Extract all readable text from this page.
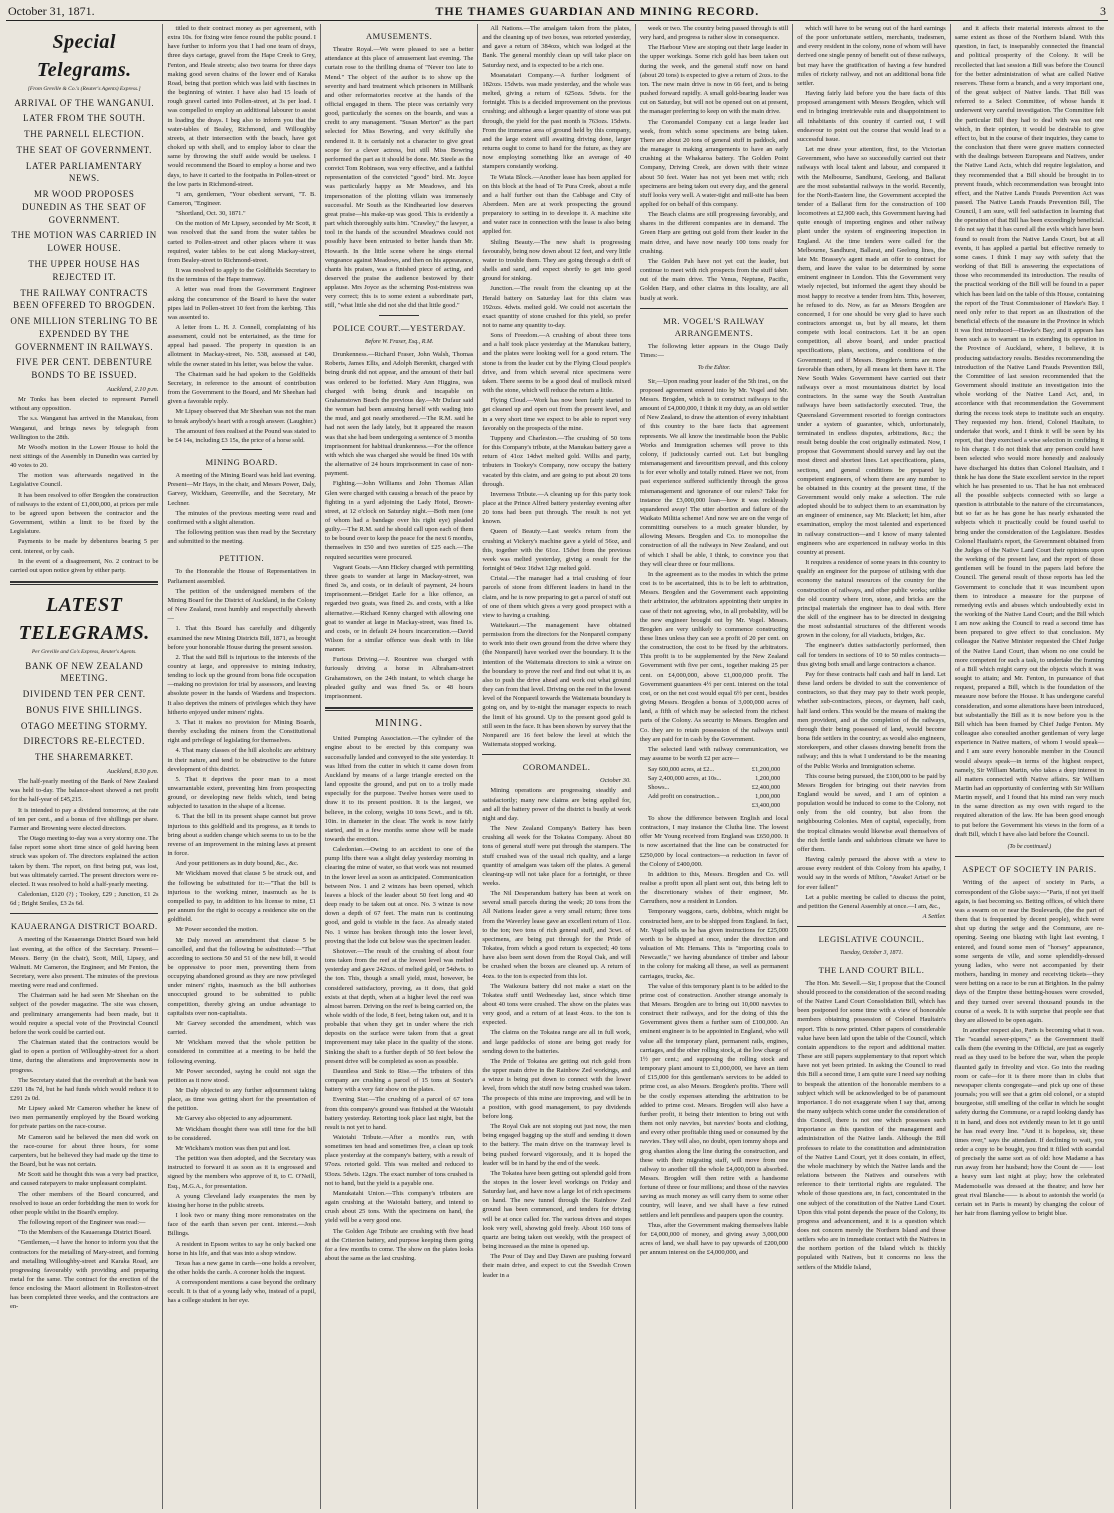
October 31, 1871.	THE THAMES GUARDIAN AND MINING RECORD.	3
Special Telegrams.
[From Greville & Co.'s (Reuter's Agents) Express.]
ARRIVAL OF THE WANGANUI.
LATER FROM THE SOUTH.
THE PARNELL ELECTION.
THE SEAT OF GOVERNMENT.
LATER PARLIAMENTARY NEWS.
MR WOOD PROPOSES DUNEDIN AS THE SEAT OF GOVERNMENT.
THE MOTION WAS CARRIED IN LOWER HOUSE.
THE UPPER HOUSE HAS REJECTED IT.
THE RAILWAY CONTRACTS BEEN OFFERED TO BROGDEN.
ONE MILLION STERLING TO BE EXPENDED BY THE GOVERNMENT IN RAILWAYS.
FIVE PER CENT. DEBENTURE BONDS TO BE ISSUED.
Auckland, 2.10 p.m.

Mr Tonks has been elected to represent Parnell without any opposition.

The s.s. Wanganui has arrived in the Manukau, from Wanganui, and brings news by telegraph from Wellington to the 28th.

Mr Wood's motion in the Lower House to hold the next sittings of the Assembly in Dunedin was carried by 40 votes to 20.

The motion was afterwards negatived in the Legislative Council.

It has been resolved to offer Brogden the construction of railways to the extent of £1,000,000, at prices per mile to be agreed upon between the contractor and the Government, within a limit to be fixed by the Legislature.

Payments to be made by debentures bearing 5 per cent. interest, or by cash.

In the event of a disagreement, No. 2 contract to be carried out upon notice given by either party.

LATEST TELEGRAMS.
Per Greville and Co's Express, Reuter's Agents.
BANK OF NEW ZEALAND MEETING.
DIVIDEND TEN PER CENT.
BONUS FIVE SHILLINGS.
OTAGO MEETING STORMY.
DIRECTORS RE-ELECTED.
THE SHAREMARKET.
Auckland, 8.30 p.m.

The half-yearly meeting of the Bank of New Zealand was held to-day. The balance-sheet showed a net profit for the half-year of £45,215.

It is intended to pay a dividend tomorrow, at the rate of ten per cent., and a bonus of five shillings per share. Farmer and Browning were elected directors.

The Otago meeting to-day was a very stormy one. The false report some short time since of gold having been struck was spoken of. The directors explained the action taken by them. The report, on first being put, was lost, but was ultimately carried. The present directors were re-elected. It was resolved to hold a half-yearly meeting.

Caledonian, £120 (?) ; Tookey, £29 ; Junction, £1 2s 6d ; Bright Smiles, £3 2s 6d.

KAUAERANGA DISTRICT BOARD.

A meeting of the Kauaeranga District Board was held last evening, at the office of the Secretary. Present—Messrs. Berry (in the chair), Scott, Mill, Lipsey, and Walnutt. Mr Cameron, the Engineer, and Mr Fenton, the Secretary, were also present. The minutes of the previous meeting were read and confirmed.

The Chairman said he had seen Mr Sheehan on the subject of the powder magazine. The site was chosen, and preliminary arrangements had been made, but it would require a special vote of the Provincial Council before the work could be carried out.

The Chairman stated that the contractors would be glad to open a portion of Willoughby-street for a short time, during the alterations and improvements now in progress.

The Secretary stated that the overdraft at the bank was £291 18s 7d, but he had funds which would reduce it to £291 2s 0d.

Mr Lipsey asked Mr Cameron whether he knew of two men permanently employed by the Board working for private parties on the race-course.

Mr Cameron said he believed the men did work on the race-course for about three hours, for some carpenters, but he believed they had made up the time to the Board, but he was not certain.

Mr Scott said he thought this was a very bad practice, and caused ratepayers to make unpleasant complaint.

The other members of the Board concurred, and resolved to issue an order forbidding the men to work for other people whilst in the Board's employ.

The following report of the Engineer was read:—

"To the Members of the Kauaeranga District Board.

"Gentlemen,—I have the honor to inform you that the contractors for the metalling of Mary-street, and forming and metalling Willoughby-street and Karaka Road, are progressing favourably with providing and preparing metal for the same. The contract for the erection of the fence enclosing the Maori allotment in Rolleston-street has been completed three weeks, and the contractors are en-

titled to their contract money as per agreement, with extra 10s. for fixing wire fence round the public pound. I have further to inform you that I had one team of drays, three days cartage, gravel from the Hape Creek to Grey, Fenton, and Heale streets; also two teams for three days making good seven chains of the lower end of Karaka Road, being that portion which was laid with fascines in the beginning of winter. I have also had 15 loads of rough gravel carted into Pollen-street, at 3s per load. I was compelled to employ an additional labourer to assist in loading the drays. I beg also to inform you that the water-tables of Bealey, Richmond, and Willoughby streets, at their intersection with the beach, have got choked up with shell, and to employ labor to clear the same by throwing the stuff aside would be useless. I would recommend the Board to employ a horse and two days, to have it carted to the footpaths in Pollen-street or the low parts in Richmond-street.

"I am, gentlemen, "Your obedient servant, "T. B. Cameron, "Engineer.

"Shortland, Oct. 30, 1871."

On the motion of Mr Lipsey, seconded by Mr Scott, it was resolved that the sand from the water tables be carted to Pollen-street and other places where it was required, water tables to be cut along Mackay-street, from Bealey-street to Richmond-street.

It was resolved to apply to the Goldfields Secretary to fix the terminus of the Hape tramway.

A letter was read from the Government Engineer asking the concurrence of the Board to have the water pipes laid in Pollen-street 10 feet from the kerbing. This was assented to.

A letter from L. H. J. Connell, complaining of his assessment, could not be entertained, as the time for appeal had passed. The property in question is an allotment in Mackay-street, No. 538, assessed at £40, while the owner stated in his letter, was below the value.

The Chairman said he had spoken to the Goldfields Secretary, in reference to the amount of contribution from the Government to the Board, and Mr Sheehan had given a favorable reply.

Mr Lipsey observed that Mr Sheehan was not the man to break anybody's heart with a rough answer. (Laughter.)

The amount of fees realised at the Pound was stated to be £4 14s, including £3 15s, the price of a horse sold.

MINING BOARD.

A meeting of the Mining Board was held last evening. Present—Mr Hays, in the chair, and Messrs Power, Daly, Garvey, Wickham, Greenville, and the Secretary, Mr Lechner.

The minutes of the previous meeting were read and confirmed with a slight alteration.

The following petition was then read by the Secretary and submitted to the meeting.

PETITION.

To the Honorable the House of Representatives in Parliament assembled.

The petition of the undersigned members of the Mining Board for the District of Auckland, in the Colony of New Zealand, most humbly and respectfully sheweth—

1. That this Board has carefully and diligently examined the new Mining Districts Bill, 1871, as brought before your honorable House during the present session.

2. That the said Bill is injurious to the interests of the country at large, and oppressive to mining industry, tending to lock up the ground from bona fide occupation—making no provision for trial by assessors, and leaving absolute power in the hands of Wardens and Inspectors. It also deprives the miners of privileges which they have hitherto enjoyed under miners' rights.

3. That it makes no provision for Mining Boards, thereby excluding the miners from the Constitutional right and privilege of legislating for themselves.

4. That many classes of the hill alcoholic are arbitrary in their nature, and tend to be obstructive to the future development of this district.

5. That it deprives the poor man to a most unwarrantable extent, preventing him from prospecting ground, or developing new fields which, tend being subjected to taxation in the shape of a license.

6. That the bill in its present shape cannot but prove injurious to this goldfield and its progress, as it tends to bring about a sudden change which seems to us to be the reverse of an improvement in the mining laws at present in force.

And your petitioners as in duty bound, &c., &c.

Mr Wickham moved that clause 5 be struck out, and the following be substituted for it:—"That the bill is injurious to the working miner, inasmuch as he is compelled to pay, in addition to his license to mine, £1 per annum for the right to occupy a residence site on the goldfield.

Mr Power seconded the motion.

Mr Daly moved an amendment that clause 5 be cancelled, and that the following be substituted:—"That according to sections 50 and 51 of the new bill, it would be oppressive to poor men, preventing them from occupying abandoned ground as they are now privileged under miners' rights, inasmuch as the bill authorises unoccupied ground to be submitted to public competition, thereby giving an undue advantage to capitalists over non-capitalists.

Mr Garvey seconded the amendment, which was carried.

Mr Wickham moved that the whole petition be considered in committee at a meeting to be held the following evening.

Mr Power seconded, saying he could not sign the petition as it now stood.

Mr Daly objected to any further adjournment taking place, as time was getting short for the presentation of the petition.

Mr Garvey also objected to any adjournment.

Mr Wickham thought there was still time for the bill to be considered.

Mr Wickham's motion was then put and lost.

The petition was then adopted, and the Secretary was instructed to forward it as soon as it is engrossed and signed by the members who approve of it, to C. O'Neill, Esq., M.G.A., for presentation.

A young Cleveland lady exasperates the men by kissing her horse in the public streets.

I look two or many thing more remonstrates on the face of the earth than seven per cent. interest.—Josh Billings.

A resident in Epsom writes to say he only backed one horse in his life, and that was into a shop window.

Texas has a new game in cards—one holds a revolver, the other holds the cards. A coroner holds the inquest.

A correspondent mentions a case beyond the ordinary occult. It is that of a young lady who, instead of a pupil, has a college student in her eye.

AMUSEMENTS.

Theatre Royal.—We were pleased to see a better attendance at this place of amusement last evening. The curtain rose to the thrilling drama of "Never too late to Mend." The object of the author is to show up the severity and hard treatment which prisoners in Millbank and other reformatories receive at the hands of the official engaged in them. The piece was certainly very good, particularly the scenes on the boards, and was a credit to any management. "Susan Merton" as the part selected for Miss Bowring, and very skilfully she rendered it. It is certainly not a character to give great scope for a clever actress, but still Miss Bowring performed the part as it should be done. Mr. Steele as the convict Tom Robinson, was very effective, and a faithful representation of the convicted "good" bird. Mr. Joyce was particularly happy as Mr Meadows, and his impersonation of the plotting villain was immensely successful. Mr South as the Kindhearted low deserves great praise—his make-up was good. This is evidently a part which thoroughly suits him. "Crawley," the lawyer, a tool in the hands of the scoundrel Meadows could not possibly have been entrusted to better hands than Mr. Howarth. In the little scene where he sings eternal vengeance against Meadows, and then on his appearance, chants his praises, was a finished piece of acting, and deserved the praise the audience bestowed by their applause. Mrs Joyce as the scheming Post-mistress was very correct; this is to some extent a subordinate part, still, "what little she did not she did that little good."

POLICE COURT.—YESTERDAY.
Before W. Fraser, Esq., R.M.

Drunkenness.—Richard Fraser, John Walsh, Thomas Roberts, James Ellis, and Adolph Berenkit, charged with being drunk did not appear, and the amount of their bail was ordered to be forfeited. Mary Ann Higgins, was charged with being drunk and incapable on Grahamstown Beach the previous day.—Mr Dufaur said the woman had been amusing herself with wading into the mud, and got nearly smothered.—The R.M. said he had not seen the lady lately, but it appeared the reason was that she had been undergoing a sentence of 3 months imprisonment for habitual drunkenness.—For the offence with which she was charged she would be fined 10s with the alternative of 24 hours imprisonment in case of non-payment.

Fighting.—John Williams and John Thomas Allan Glen were charged with causing a breach of the peace by fighting in a yard adjoining the Lady Hotel, Brown-street, at 12 o'clock on Saturday night.—Both men (one of whom had a bandage over his right eye) pleaded guilty.—The R.M. said he should call upon each of them to be bound over to keep the peace for the next 6 months, themselves in £50 and two sureties of £25 each.—The required securities were procured.

Vagrant Goats.—Ann Hickey charged with permitting three goats to wander at large in Mackay-street, was fined 3s, and costs, or in default of payment, 24 hours imprisonment.—Bridget Earle for a like offence, as regarded two goats, was fined 2s. and costs, with a like alternative.—Richard Kenny charged with allowing one goat to wander at large in Mackay-street, was fined 1s. and costs, or in default 24 hours incarceration.—David Wilson for a similar offence was dealt with in like manner.

Furious Driving.—J. Rountree was charged with furiously driving a horse in Albraham-street Grahamstown, on the 24th instant, to which charge he pleaded guilty and was fined 5s. or 48 hours imprisonment.

MINING.

United Pumping Association.—The cylinder of the engine about to be erected by this company was successfully landed and conveyed to the site yesterday. It was lifted from the cutter in which it came down from Auckland by means of a large triangle erected on the land opposite the ground, and put on to a trolly made especially for the purpose. Twelve horses were used to draw it to its present position. It is the largest, we believe, in the colony, weighs 10 tons 5cwt., and is 6ft. 10in. in diameter in the clear. The work is now fairly started, and in a few months some show will be made towards the erection.

Caledonian.—Owing to an accident to one of the pump lifts there was a slight delay yesterday morning in clearing the mine of water, so that work was not resumed in the lower level as soon as anticipated. Communication between Nos. 1 and 2 winzes has been opened, which leaves a block of the leader about 50 feet long and 40 deep ready to be taken out at once. No. 3 winze is now down a depth of 67 feet. The main run is continuing good, and gold is visible in the face. As already stated No. 1 winze has broken through into the lower level, proving that the lode cut below was the specimen leader.

Shotover.—The result of the crushing of about four tons taken from the reef at the lowest level was melted yesterday and gave 242ozs. of melted gold, or 54dwts. to the ton. This, though a small yield, must, however, be considered satisfactory, proving, as it does, that gold exists at that depth, when at a higher level the reef was almost barren. Driving on the reef is being carried on, the whole width of the lode, 8 feet, being taken out, and it is probable that when they get in under where the rich deposits on the surface were taken from that a great improvement may take place in the quality of the stone. Sinking the shaft to a further depth of 50 feet below the present drive will be completed as soon as possible.

Dauntless and Sink to Rise.—The tributers of this company are crushing a parcel of 15 tons at Souter's battery with a very fair show on the plates.

Evening Star.—The crushing of a parcel of 67 tons from this company's ground was finished at the Waiotahi battery yesterday. Retorting took place last night, but the result is not yet to hand.

Waiotahi Tribute.—After a month's run, with sometimes ten head and sometimes five, a clean up took place yesterday at the company's battery, with a result of 97ozs. retorted gold. This was melted and reduced to 93ozs. 5dwts. 12grs. The exact number of tons crushed is not to hand, but the yield is a payable one.

Manukatahi Union.—This company's tributers are again crushing at the Waiotahi battery, and intend to crush about 25 tons. With the specimens on hand, the yield will be a very good one.

The Golden Age Tribute are crushing with five head at the Criterion battery, and purpose keeping them going for a few months to come. The show on the plates looks about the same as the last crushing.

All Nations.—The amalgam taken from the plates, and the cleaning up of two boxes, was retorted yesterday, and gave a return of 384ozs, which was lodged at the Bank. The general monthly clean up will take place on Saturday next, and is expected to be a rich one.

Moanataiari Company.—A further lodgment of 182ozs. 15dwts. was made yesterday, and the whole was melted, giving a return of 625ozs. 5dwts. for the fortnight. This is a decided improvement on the previous crushing; and although a larger quantity of stone was put through, the yield for the past month is 763ozs. 15dwts. From the immense area of ground held by this company, and the large extent still awaiting driving done, larger returns ought to come to hand for the future, as they are now employing something like an average of 40 stampers constantly working.

Te Wiata Block.—Another lease has been applied for on this block at the head of Te Pura Creek, about a mile and a half further out than the Cabbage and City of Aberdeen. Men are at work prospecting the ground preparatory to setting in to develope it. A machine site and water race in connection with the lease is also being applied for.

Shiling Beauty.—The new shaft is progressing favourably, being now down about 12 feet, and very little water to trouble them. They are going through a drift of shells and sand, and expect shortly to get into good ground for sinking.

Junction.—The result from the cleaning up at the Herald battery on Saturday last for this claim was 192ozs. 4dwts. melted gold. We could not ascertain the exact quantity of stone crushed for this yield, so prefer not to name any quantity to-day.

Sons of Freedom.—A crushing of about three tons and a half took place yesterday at the Manukau battery, and the plates were looking well for a good return. The stone is from the leader cut by the Flying Cloud people's drive, and from which several nice specimens were taken. There seems to be a good deal of mullock mixed with the stone, which will reduce the return a little.

Flying Cloud.—Work has now been fairly started to get cleaned up and open out from the present level, and in a very short time we expect to be able to report very favorably on the prospects of the mine.

Tuppeny and Charleston.—The crushing of 50 tons for this Company's tribute, at the Manukau battery gave a return of 41oz 14dwt melted gold. Willis and party, tributers in Tookey's Company, now occupy the battery vacated by this claim, and are going to put about 20 tons through.

Inverness Tribute.—A cleaning up for this party took place at the Prince Alfred battery yesterday evening after 20 tons had been put through. The result is not yet known.

Queen of Beauty.—Last week's return from the crushing at Vickery's machine gave a yield of 56oz, and this, together with the 61oz. 15dwt from the previous week was melted yesterday, giving a result for the fortnight of 94oz 16dwt 12gr melted gold.

Cristal.—The manager had a trial crushing of four parcels of stone from different leaders in hand in the claim, and he is now preparing to get a parcel of stuff out of one of them which gives a very good prospect with a view to having a crushing.

Waitekauri.—The management have obtained permission from the directors for the Nonpareil company to work into their own ground from the drive where they (the Nonpareil) have worked over the boundary. It is the intention of the Waitemata directors to sink a winze on the boundary to prove the reef and find out what it is, as also to push the drive ahead and work out what ground they can from that level. Driving on the reef in the lowest level of the Nonpareil towards the Waitemata boundary is going on, and by to-night the manager expects to reach the limit of his ground. Up to the present good gold is still seen in the face. It has been shown by survey that the Nonpareil are 16 feet below the level at which the Waitemata stopped working.

COROMANDEL.
October 30.

Mining operations are progressing steadily and satisfactorily; many new claims are being applied for, and all the battery power of the district is busily at work night and day.

The New Zealand Company's Battery has been crushing all week for the Tokatea Company. About 80 tons of general stuff were put through the stampers. The stuff crushed was of the usual rich quality, and a large quantity of amalgam was taken off the plates. A general cleaning-up will not take place for a fortnight, or three weeks.

The Nil Desperandum battery has been at work on several small parcels during the week; 20 tons from the All Nations leader gave a very small return; three tons from the Waverley lease gave an excellent return of 11oz. to the ton; two tons of rich general stuff, and 3cwt. of specimens, are being put through for the Pride of Tokatea, from which a good return is expected; 40 tons have also been sent down from the Royal Oak, and will be crushed when the boxes are cleaned up. A return of 4ozs. to the ton is expected from this lot.

The Waikoura battery did not make a start on the Tokatea stuff until Wednesday last, since which time about 40 tons were crushed. The show on the plates was very good, and a return of at least 4ozs. to the ton is expected.

The claims on the Tokatea range are all in full work, and large paddocks of stone are being got ready for sending down to the batteries.

The Pride of Tokatea are getting out rich gold from the upper main drive in the Rainbow Zed workings, and a winze is being put down to connect with the lower level, from which the stuff now being crushed was taken. The prospects of this mine are improving, and will be in a position, with good management, to pay dividends before long.

The Royal Oak are not stoping out just now, the men being engaged bagging up the stuff and sending it down to the battery. The main drive on the tramway level is being pushed forward vigorously, and it is hoped the leader will be in hand by the end of the week.

The Tokatea have been getting out splendid gold from the stopes in the lower level workings on Friday and Saturday last, and have now a large lot of rich specimens on hand. The new tunnel through the Rainbow Zed ground has been commenced, and tenders for driving will be at once called for. The various drives and stopes look very well, showing gold freely. About 160 tons of quartz are being taken out weekly, with the prospect of being increased as the mine is opened up.

The Pour of Day and Day Dawn are pushing forward their main drive, and expect to cut the Swedish Crown leader in a

week or two. The country being passed through is still very hard, and progress is rather slow in consequence.

The Harbour View are stoping out their large leader in the upper workings. Some rich gold has been taken out during the week, and the general stuff now on hand (about 20 tons) is expected to give a return of 2ozs. to the ton. The new main drive is now in 66 feet, and is being pushed forward rapidly. A small gold-bearing leader was cut on Saturday, but will not be opened out on at present, the manager preferring to keep on with the main drive.

The Coromandel Company cut a large leader last week, from which some specimens are being taken. There are about 20 tons of general stuff in paddock, and the manager is making arrangements to have an early crushing at the Whakaroa battery. The Golden Point Company, Driving Creek, are down with their winze about 50 feet. Water has not yet been met with; rich specimens are being taken out every day, and the general stuff looks very well. A water-tight and mill-site has been applied for on behalf of this company.

The Beach claims are still progressing favorably, and shares in the different companies are in demand. The Green Harp are getting out gold from their leader in the main drive, and have now nearly 100 tons ready for crushing.

The Golden Pah have not yet cut the leader, but continue to meet with rich prospects from the stuff taken out of the main drive. The Venus, Neptune, Pacific, Golden Harp, and other claims in this locality, are all busily at work.

MR. VOGEL'S RAILWAY ARRANGEMENTS.

The following letter appears in the Otago Daily Times:—

To the Editor.

Sir,—Upon reading your leader of the 5th inst., on the proposed agreement entered into by Mr. Vogel and Mr. Messrs. Brogden, which is to construct railways to the amount of £4,000,000, I think it my duty, as an old settler of New Zealand, to draw the attention of every inhabitant of this country to the bare facts that agreement represents. We all know the inestimable boon the Public Works and Immigration schemes will prove to this colony, if judiciously carried out. Let but bungling mismanagement and favouritism prevail, and this colony is for ever wholly and totally ruined. Have we not, from past experience suffered sufficiently through the gross mismanagement and ignorance of our rulers? Take for instance the £3,000,000 loan—how it was recklessly squandered away! The utter abortion and failure of the Waikato Militia scheme! And now we are on the verge of committing ourselves to a much greater blunder, by allowing Messrs. Brogden and Co. to monopolise the construction of all the railways in New Zealand, and out of which I shall be able, I think, to convince you that they will clear three or four millions.

In the agreement as to the modes in which the prime cost is to be ascertained, this is to be left to arbitration, Messrs. Brogden and the Government each appointing their arbitrator, the arbitrators appointing their umpire in case of their not agreeing, who, in all probability, will be the new engineer brought out by Mr. Vogel. Messrs. Brogden are very unlikely to commence constructing these lines unless they can see a profit of 20 per cent. on the construction, the cost to be fixed by the arbitrators. This profit is to be supplemented by the New Zealand Government with five per cent., together making 25 per cent. on £4,000,000, above £1,000,000 profit. The Government guarantees 4½ per cent. interest on the total cost, or on the net cost would equal 6½ per cent., besides giving Messrs. Brogden a bonus of 3,000,000 acres of land, a fifth of which may be selected from the richest parts of the Colony. As security to Messrs. Brogden and Co. they are to retain possession of the railways until they are paid for in cash by the Government.

The selected land with railway communication, we may assume to be worth £2 per acre—

Say 600,000 acres, at £2...	£1,200,000
Say 2,400,000 acres, at 10s...	1,200,000
Shows...	£2,400,000
Add profit on construction...	1,000,000
£3,400,000

To show the difference between English and local contractors, I may instance the Clutha line. The lowest offer Mr Young received from England was £650,000. It is now ascertained that the line can be constructed for £250,000 by local contractors—a reduction in favor of the Colony of £400,000.

In addition to this, Messrs. Brogden and Co. will realise a profit upon all plant sent out, this being left to the discretionary wishes of their engineer, Mr. Carruthers, now a resident in London.

Temporary waggons, carts, dobbins, which might be constructed here, are to be shipped from England. In fact, Mr. Vogel tells us he has given instructions for £25,000 worth to be shipped at once, under the direction and valuation of Mr. Hemans. This is "importing coals to Newcastle," we having abundance of timber and labour in the colony for making all these, as well as permanent carriages, trucks, &c.

The value of this temporary plant is to be added to the prime cost of construction. Another strange anomaly is that Messrs. Brogden are to bring out 10,000 navvies to construct their railways, and for the doing of this the Government gives them a further sum of £100,000. An eminent engineer is to be appointed in England, who will value all the temporary plant, permanent rails, engines, carriages, and the other rolling stock, at the low charge of 1½ per cent.; and supposing the rolling stock and temporary plant amount to £1,000,000, we have an item of £15,000 for this gentleman's services to be added to prime cost, as also Messrs. Brogden's profits. There will be the costly expenses attending the arbitration to be added to prime cost. Messrs. Brogden will also have a further profit, it being their intention to bring out with them not only navvies, but navvies' boots and clothing, and every other profitable thing used or consumed by the navvies. They will also, no doubt, open tommy shops and grog shanties along the line during the construction, and these with their migrating staff, will move from one railway to another till the whole £4,000,000 is absorbed. Messrs. Brogden will then retire with a handsome fortune of three or four millions; and those of the navvies saving as much money as will carry them to some other country, will leave, and we shall have a few ruined settlers and left penniless and paupers upon the country.

Thus, after the Government making themselves liable for £4,000,000 of money, and giving away 3,000,000 acres of land, we shall have to pay upwards of £200,000 per annum interest on the £4,000,000, and

which will have to be wrung out of the hard earnings of the poor unfortunate settlers, merchants, tradesmen, and every resident in the colony, none of whom will have derived one single penny of benefit out of these railways, but may have the gratification of having a few hundred miles of rickety railway, and not an additional bona fide settler.

Having fairly laid before you the bare facts of this proposed arrangement with Messrs Brogden, which will end in bringing irretrievable ruin and disappointment to all inhabitants of this country if carried out, I will endeavour to point out the course that would lead to a successful issue.

Let me draw your attention, first, to the Victorian Government, who have so successfully carried out their railways with local talent and labour, and compared it with the Melbourne, Sandhurst, Geelong, and Ballarat are the most substantial railways in the world. Recently, for the North-Eastern line, the Government accepted the tender of a Ballarat firm for the construction of 100 locomotives at £2,900 each, this Government having had quite enough of importing engines and other railway plant under the system of engineering inspection in England. At the time tenders were called for the Melbourne, Sandhurst, Ballarat, and Geelong lines, the late Mr. Brassey's agent made an offer to contract for them, and leave the value to be determined by some eminent engineer in London. This the Government very wisely rejected, but informed the agent they should be most happy to receive a tender from him. This, however, he refused to do. Now, as far as Messrs Brogden are concerned, I for one should be very glad to have such contractors amongst us, but by all means, let them compete with local contractors. Let it be an open competition, all above board, and under practical specifications, plans, sections, and conditions of the Government; and if Messrs. Brogden's terms are more favorable than others, by all means let them have it. The New South Wales Government have carried out their railways over a most mountainous district by local contractors. In the same way the South Australian railways have been satisfactorily executed. True, the Queensland Government resorted to foreign contractors under a system of guarantee, which, unfortunately, terminated in endless disputes, arbitrations, &c.; the result being double the cost originally estimated. Now, I propose that Government should survey and lay out the most direct and shortest lines. Let specifications, plans, sections, and general conditions be prepared by competent engineers, of whom there are any number to be obtained in this country at the present time, if the Government would only make a selection. The rule adopted should be to subject them to an examination by an engineer of eminence, say Mr. Blackett; let him, after examination, employ the most talented and experienced in railway construction—and I know of many talented engineers who are experienced in railway works in this country at present.

It requires a residence of some years in this country to qualify an engineer for the purpose of utilising with due economy the natural resources of the country for the construction of railways, and other public works; unlike the old country where iron, stone, and bricks are the principal materials the engineer has to deal with. Here the skill of the engineer has to be directed in designing the most substantial structures of the different woods grown in the colony, for all viaducts, bridges, &c.

The engineer's duties satisfactorily performed, then call for tenders in sections of 10 to 50 miles contracts—thus giving both small and large contractors a chance.

Pay for these contracts half cash and half in land. Let these land orders be divided to suit the convenience of contractors, so that they may pay to their work people, whether sub-contractors, pieces, or daymen, half cash, half land orders. This would be the means of making the men provident, and at the completion of the railways, through their being possessed of land, would become bona fide settlers in the country; as would also engineers, storekeepers, and other classes drawing benefit from the railway; and this is what I understand to be the meaning of the Public Works and Immigration scheme.

This course being pursued, the £100,000 to be paid by Messrs Brogden for bringing out their navvies from England would be saved, and I am of opinion a population would be induced to come to the Colony, not only from the old country, but also from the neighbouring Colonies. Men of capital, especially, from the tropical climates would likewise avail themselves of the rich fertile lands and salubrious climate we have to offer them.

Having calmly perused the above with a view to arouse every resident of this Colony from his apathy, I would say in the words of Milton, "Awake! Arise! or be for ever fallen!"

Let a public meeting be called to discuss the point, and petition the General Assembly at once.—I am, &c.,

A Settler.
LEGISLATIVE COUNCIL.
Tuesday, October 3, 1871.
THE LAND COURT BILL.

The Hon. Mr. Sewell.—Sir, I propose that the Council should proceed to the consideration of the second reading of the Native Land Court Consolidation Bill, which has been postponed for some time with a view of honorable members obtaining possession of Colonel Haultain's report. This is now printed. Other papers of considerable value have been laid upon the table of the Council, which contain appendices to the report and additional matter. These are still papers supplementary to that report which have not yet been printed. In asking the Council to read this Bill a second time, I am quite sure I need say nothing to bespeak the attention of the honorable members to a subject which will be acknowledged to be of paramount importance. I do not exaggerate when I say that, among the many subjects which come under the consideration of this Council, there is not one which possesses such importance as this question of the management and administration of the Native lands. Although the Bill professes to relate to the constitution and administration of the Native Land Court, yet it does contain, in effect, the whole machinery by which the Native lands and the relations between the Natives and ourselves with reference to their territorial rights are regulated. The whole of those questions are, in fact, concentrated in the one subject of the constitution of the Native Land Court. Upon this vital point depends the peace of the Colony, its progress and advancement, and it is a question which does not concern merely the Northern Island and those settlers who are in immediate contact with the Natives in the northern portion of the Island which is thickly populated with Natives, but it concerns no less the settlers of the Middle Island,

and it affects their material interests almost to the same extent as those of the Northern Island. With this question, in fact, is inseparably connected the financial and political prosperity of the Colony. It will be recollected that last session a Bill was before the Council for the better administration of what are called Native reserves. These form a branch, and a very important one, of the great subject of Native lands. That Bill was referred to a Select Committee, of whose hands it underwent very careful investigation. The Committee felt the particular Bill they had to deal with was not one which, in their opinion, it would be desirable to give effect to, but in the course of their inquiries, they came to the conclusion that there were grave matters connected with the dealings between Europeans and Natives, under the Native Land Acts, which did require legislation, and they recommended that a Bill should be brought in to prevent frauds, which recommendation was brought into effect, and the Native Lands Frauds Prevention Act was passed. The Native Lands Frauds Prevention Bill, The Council, I am sure, will feel satisfaction in learning that the operation of that Bill has been exceedingly beneficial. I do not say that it has cured all the evils which have been found to result from the Native Lands Court, but at all events, it has applied a partial but effective remedy to some cases. I think I may say with safety that the working of that Bill is answering the expectations of those who recommended its introduction. The results of the practical working of the Bill will be found in a paper which has been laid on the table of this House, containing the report of the Trust Commissioner of Hawke's Bay. I need only refer to that report as an illustration of the beneficial effects of the measure in the Province in which it was first introduced—Hawke's Bay; and it appears has been such as to warrant us in extending its operation in the Province of Auckland, where, I believe, it is producing satisfactory results. Besides recommending the introduction of the Native Land Frauds Prevention Bill, the Committee of last session recommended that the Government should institute an investigation into the whole working of the Native Land Act, and, in accordance with that recommendation the Government during the recess took steps to institute such an enquiry. They requested my hon. friend, Colonel Haultain, to undertake that work, and I think it will be seen by his report, that they exercised a wise selection in confiding it to his charge. I do not think that any person could have been selected who would more honestly and zealously have discharged his duties than Colonel Haultain, and I think he has done the State excellent service in the report which he has presented to us. That he has not embraced all the possible subjects connected with so large a question is attributable to the nature of the circumstances, but so far as he has gone he has nearly exhausted the subjects which it practically could be found useful to bring under the consideration of the Legislature. Besides Colonel Haultain's report, the Government obtained from the Judges of the Native Land Court their opinions upon the working of the present law, and the report of those gentlemen will be found in the papers laid before the Council. The general result of those reports has led the Government to conclude that it was incumbent upon them to introduce a measure for the purpose of remedying evils and abuses which undoubtedly exist in the working of the Native Land Court; and the Bill which I am now asking the Council to read a second time has been prepared to give effect to that conclusion. My colleague the Native Minister requested the Chief Judge of the Native Land Court, than whom no one could be more competent for such a task, to undertake the framing of a Bill which might carry out the objects which it was sought to attain; and Mr. Fenton, in pursuance of that request, prepared a Bill, which is the foundation of the measure now before the House. It has undergone careful consideration, and some alterations have been introduced, but substantially the Bill as it is now before you is the Bill which has been framed by Chief Judge Fenton. My colleague also consulted another gentleman of very large experience in Native matters, of whom I would speak—and I am sure every honorable member in the Council would always speak—in terms of the highest respect, namely, Sir William Martin, who takes a deep interest in all matters connected with Native affairs. Sir William Martin had an opportunity of conferring with Sir William Martin myself, and I found that his mind ran very much in the same direction as my own with regard to the required alteration of the law. He has been good enough to put before the Government his views in the form of a draft Bill, which I have also laid before the Council.

(To be continued.)
ASPECT OF SOCIETY IN PARIS.

Writing of the aspect of society in Paris, a correspondent of the Globe says:—"Paris, if not yet itself again, is fast becoming so. Betting offices, of which there was a swarm on or near the Boulevards, (the the part of them that is frequented by decent people), which were shut up during the seige and the Commune, are re-opening. Seeing one blazing with light last evening, I entered, and found some men of "horsey" appearance, some sergents de ville, and some splendidly-dressed young ladies, who were not accompanied by their mothers, handing in money and receiving tickets—they were betting on a race to be run at Brighton. In the palmy days of the Empire these betting-houses were crowded, and they turned over several thousand pounds in the course of a week. It is with surprise that people see that they are allowed to be open again.

In another respect also, Paris is becoming what it was. The "scandal sewer-pipers," as the Government itself calls them (the evening in the Official, are just as eagerly read as they used to be before the war, when the people flaunted gaily in frivolity and vice. Go into the reading room or cafe—for it is there more than in clubs that newspaper clients congregate—and pick up one of these journals; you will see that a grim old colonel, or a stupid bourgeoise, still smelling of the cellar in which he sought safety during the Commune, or a rapid looking dandy has it in hand, and does not evidently mean to let it go until he has read every line. "And it is hopeless, sir, these times over," says the attendant. If declining to wait, you order a copy to be bought, you find it filled with scandal of precisely the same sort as of old: how Madame a has run away from her husband; how the Count de —— lost a heavy sum last night at play; how the celebrated Mademoiselle was dressed at the theatre; and how her great rival Blanche—— is about to astonish the world (a certain set in Paris is meant) by changing the colour of her hair from flaming yellow to bright blue.
